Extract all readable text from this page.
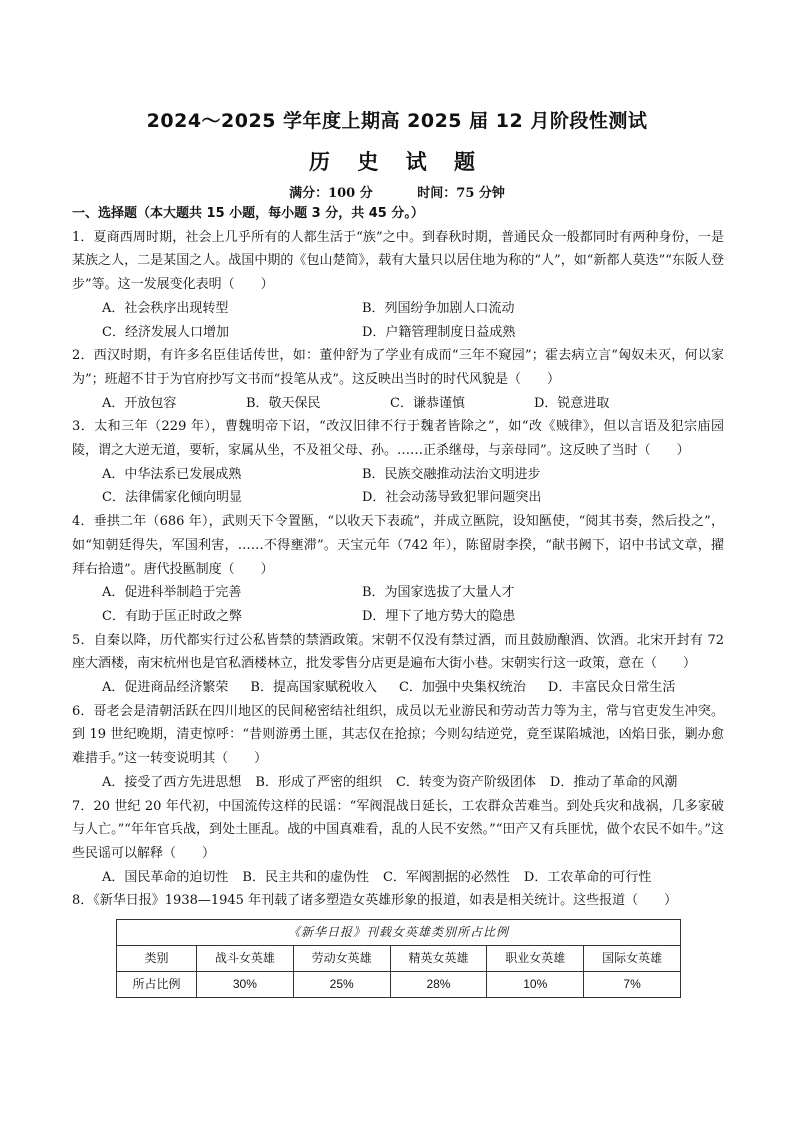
2024～2025 学年度上期高 2025 届 12 月阶段性测试
历 史 试 题
满分：100 分	时间：75 分钟
一、选择题（本大题共 15 小题，每小题 3 分，共 45 分。）
1．夏商西周时期，社会上几乎所有的人都生活于“族”之中。到春秋时期，普通民众一般都同时有两种身份，一是某族之人，二是某国之人。战国中期的《包山楚简》，载有大量只以居住地为称的“人”，如“新都人莫迭”“东阪人登步”等。这一发展变化表明（　　）
A．社会秩序出现转型	B．列国纷争加剧人口流动
C．经济发展人口增加	D．户籍管理制度日益成熟
2．西汉时期，有许多名臣佳话传世，如：董仲舒为了学业有成而“三年不窥园”；霍去病立言“匈奴未灭，何以家为”；班超不甘于为官府抄写文书而“投笔从戎”。这反映出当时的时代风貌是（　　）
A．开放包容	B．敬天保民	C．谦恭谨慎	D．锐意进取
3．太和三年（229 年），曹魏明帝下诏，“改汉旧律不行于魏者皆除之”，如“改《贼律》，但以言语及犯宗庙园陵，谓之大逆无道，要斩，家属从坐，不及祖父母、孙。……正杀继母，与亲母同”。这反映了当时（　　）
A．中华法系已发展成熟	B．民族交融推动法治文明进步
C．法律儒家化倾向明显	D．社会动荡导致犯罪问题突出
4．垂拱二年（686 年），武则天下令置匦，“以收天下表疏”，并成立匦院，设知匦使，“阅其书奏，然后投之”，如“知朝廷得失，军国利害，……不得壅滞”。天宝元年（742 年），陈留尉李揆，“献书阙下，诏中书试文章，擢拜右拾遗”。唐代投匦制度（　　）
A．促进科举制趋于完善	B．为国家选拔了大量人才
C．有助于匡正时政之弊	D．埋下了地方势大的隐患
5．自秦以降，历代都实行过公私皆禁的禁酒政策。宋朝不仅没有禁过酒，而且鼓励酿酒、饮酒。北宋开封有 72 座大酒楼，南宋杭州也是官私酒楼林立，批发零售分店更是遍布大街小巷。宋朝实行这一政策，意在（　　）
A．促进商品经济繁荣 B．提高国家赋税收入 C．加强中央集权统治 D．丰富民众日常生活
6．哥老会是清朝活跃在四川地区的民间秘密结社组织，成员以无业游民和劳动苦力等为主，常与官吏发生冲突。到 19 世纪晚期，清吏惊呼：“昔则游勇土匪，其志仅在抢掠；今则勾结逆党，竟至谋陷城池，凶焰日张，剿办愈难措手。”这一转变说明其（　　）
A．接受了西方先进思想 B．形成了严密的组织 C．转变为资产阶级团体 D．推动了革命的风潮
7．20 世纪 20 年代初，中国流传这样的民谣：“军阀混战日延长，工农群众苦难当。到处兵灾和战祸，几多家破与人亡。”“年年官兵战，到处土匪乱。战的中国真难看，乱的人民不安然。”“田产又有兵匪忧，做个农民不如牛。”这些民谣可以解释（　　）
A．国民革命的迫切性 B．民主共和的虚伪性 C．军阀割据的必然性 D．工农革命的可行性
8．《新华日报》1938—1945 年刊载了诸多塑造女英雄形象的报道，如表是相关统计。这些报道（　　）
《新华日报》刊载女英雄类别所占比例					
类别	战斗女英雄	劳动女英雄	精英女英雄	职业女英雄	国际女英雄
所占比例	30%	25%	28%	10%	7%
